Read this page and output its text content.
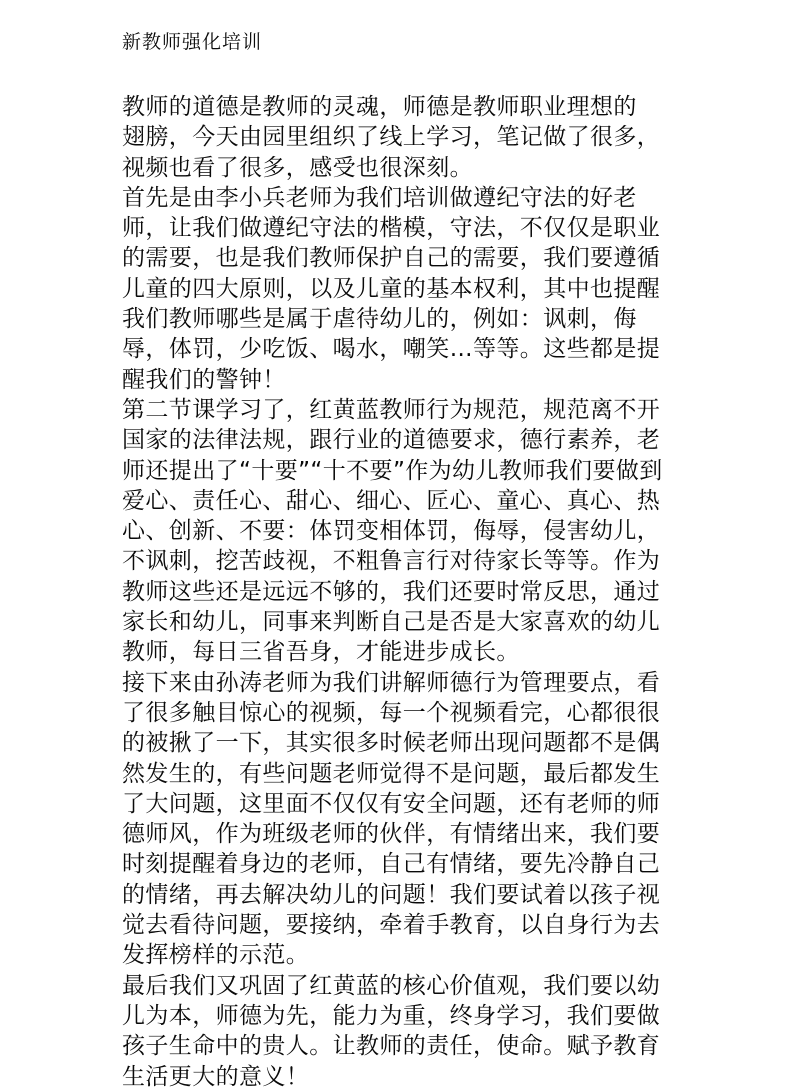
新教师强化培训
教师的道德是教师的灵魂，师德是教师职业理想的
翅膀，今天由园里组织了线上学习，笔记做了很多，
视频也看了很多，感受也很深刻。
首先是由李小兵老师为我们培训做遵纪守法的好老
师，让我们做遵纪守法的楷模，守法，不仅仅是职业
的需要，也是我们教师保护自己的需要，我们要遵循
儿童的四大原则，以及儿童的基本权利，其中也提醒
我们教师哪些是属于虐待幼儿的，例如：讽刺，侮
辱，体罚，少吃饭、喝水，嘲笑…等等。这些都是提
醒我们的警钟！
第二节课学习了，红黄蓝教师行为规范，规范离不开
国家的法律法规，跟行业的道德要求，德行素养，老
师还提出了“十要”“十不要”作为幼儿教师我们要做到
爱心、责任心、甜心、细心、匠心、童心、真心、热
心、创新、不要：体罚变相体罚，侮辱，侵害幼儿，
不讽刺，挖苦歧视，不粗鲁言行对待家长等等。作为
教师这些还是远远不够的，我们还要时常反思，通过
家长和幼儿，同事来判断自己是否是大家喜欢的幼儿
教师，每日三省吾身，才能进步成长。
接下来由孙涛老师为我们讲解师德行为管理要点，看
了很多触目惊心的视频，每一个视频看完，心都很很
的被揪了一下，其实很多时候老师出现问题都不是偶
然发生的，有些问题老师觉得不是问题，最后都发生
了大问题，这里面不仅仅有安全问题，还有老师的师
德师风，作为班级老师的伙伴，有情绪出来，我们要
时刻提醒着身边的老师，自己有情绪，要先冷静自己
的情绪，再去解决幼儿的问题！我们要试着以孩子视
觉去看待问题，要接纳，牵着手教育，以自身行为去
发挥榜样的示范。
最后我们又巩固了红黄蓝的核心价值观，我们要以幼
儿为本，师德为先，能力为重，终身学习，我们要做
孩子生命中的贵人。让教师的责任，使命。赋予教育
生活更大的意义！
